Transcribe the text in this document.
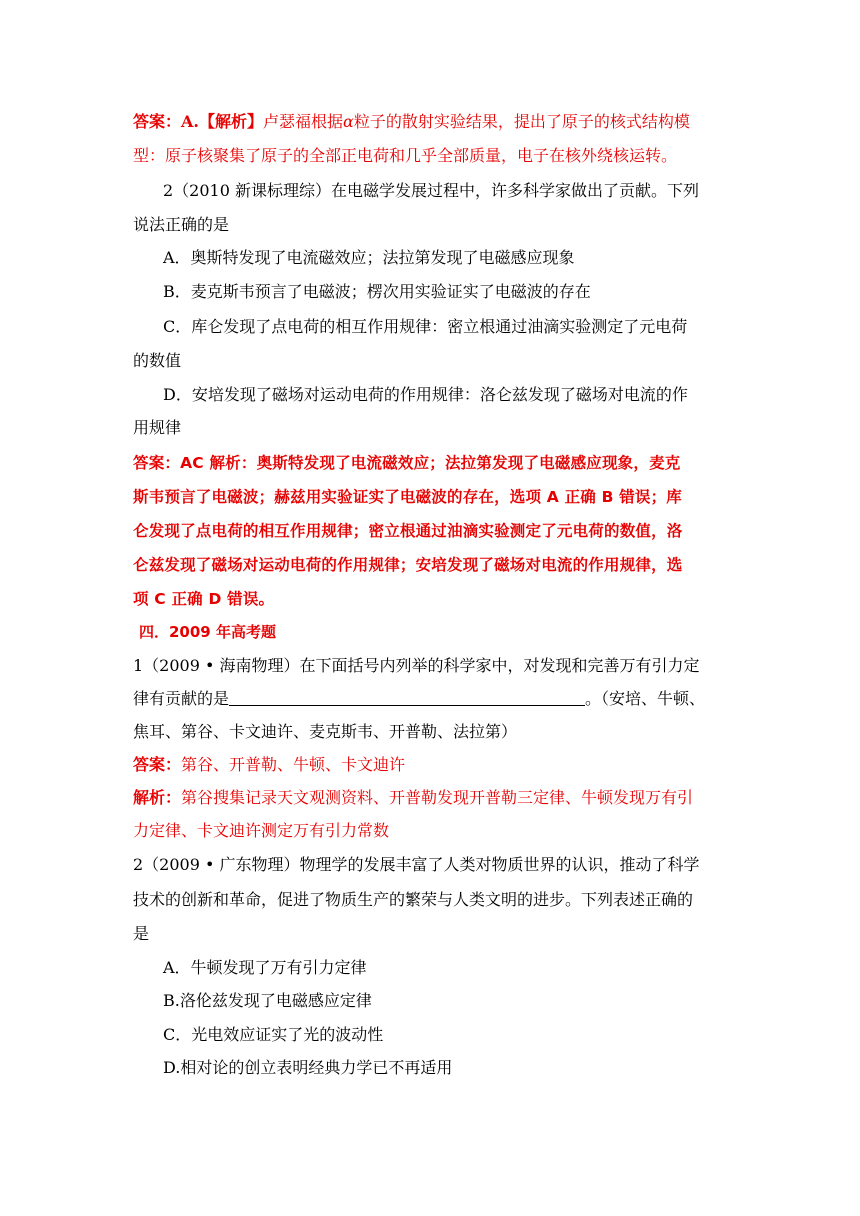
答案：A.【解析】卢瑟福根据α粒子的散射实验结果，提出了原子的核式结构模
型：原子核聚集了原子的全部正电荷和几乎全部质量，电子在核外绕核运转。
2（2010 新课标理综）在电磁学发展过程中，许多科学家做出了贡献。下列
说法正确的是
A．奥斯特发现了电流磁效应；法拉第发现了电磁感应现象
B．麦克斯韦预言了电磁波；楞次用实验证实了电磁波的存在
C．库仑发现了点电荷的相互作用规律：密立根通过油滴实验测定了元电荷
的数值
D．安培发现了磁场对运动电荷的作用规律：洛仑兹发现了磁场对电流的作
用规律
答案：AC 解析：奥斯特发现了电流磁效应；法拉第发现了电磁感应现象，麦克
斯韦预言了电磁波；赫兹用实验证实了电磁波的存在，选项 A 正确 B 错误；库
仑发现了点电荷的相互作用规律；密立根通过油滴实验测定了元电荷的数值，洛
仑兹发现了磁场对运动电荷的作用规律；安培发现了磁场对电流的作用规律，选
项 C 正确 D 错误。
四．2009 年高考题
1（2009 • 海南物理）在下面括号内列举的科学家中，对发现和完善万有引力定
律有贡献的是	。（安培、牛顿、
焦耳、第谷、卡文迪许、麦克斯韦、开普勒、法拉第）
答案：第谷、开普勒、牛顿、卡文迪许
解析：第谷搜集记录天文观测资料、开普勒发现开普勒三定律、牛顿发现万有引
力定律、卡文迪许测定万有引力常数
2（2009 • 广东物理）物理学的发展丰富了人类对物质世界的认识，推动了科学
技术的创新和革命，促进了物质生产的繁荣与人类文明的进步。下列表述正确的
是
A．牛顿发现了万有引力定律
B.洛伦兹发现了电磁感应定律
C．光电效应证实了光的波动性
D.相对论的创立表明经典力学已不再适用
